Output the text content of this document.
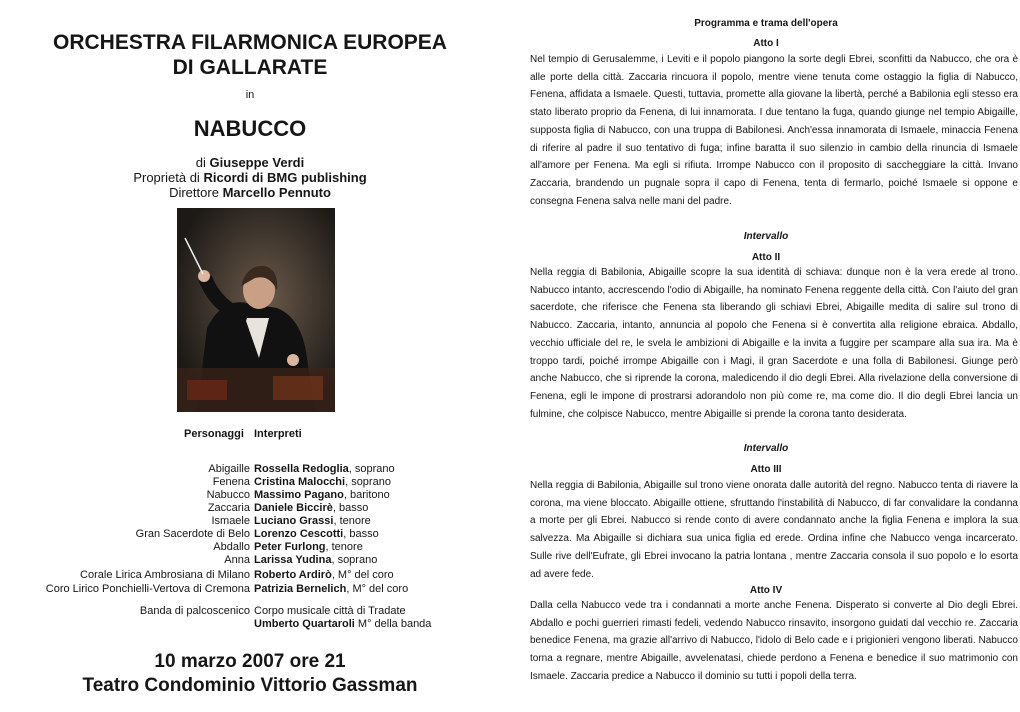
ORCHESTRA FILARMONICA EUROPEA
DI GALLARATE
in
NABUCCO
di Giuseppe Verdi
Proprietà di Ricordi di BMG publishing
Direttore Marcello Pennuto
Personaggi Interpreti
Abigaille Rossella Redoglia, soprano
Fenena Cristina Malocchi, soprano
Nabucco Massimo Pagano, baritono
Zaccaria Daniele Biccirè, basso
Ismaele Luciano Grassi, tenore
Gran Sacerdote di Belo Lorenzo Cescotti, basso
Abdallo Peter Furlong, tenore
Anna Larissa Yudina, soprano
Corale Lirica Ambrosiana di Milano Roberto Ardirò, M° del coro
Coro Lirico Ponchielli-Vertova di Cremona Patrizia Bernelich, M° del coro
Banda di palcoscenico Corpo musicale città di Tradate
Umberto Quartaroli M° della banda
10 marzo 2007 ore 21
Teatro Condominio Vittorio Gassman
Programma e trama dell'opera
Atto I

Nel tempio di Gerusalemme, i Leviti e il popolo piangono la sorte degli Ebrei, sconfitti da Nabucco, che ora è alle porte della città. Zaccaria rincuora il popolo, mentre viene tenuta come ostaggio la figlia di Nabucco, Fenena, affidata a Ismaele. Questi, tuttavia, promette alla giovane la libertà, perché a Babilonia egli stesso era stato liberato proprio da Fenena, di lui innamorata. I due tentano la fuga, quando giunge nel tempio Abigaille, supposta figlia di Nabucco, con una truppa di Babilonesi. Anch'essa innamorata di Ismaele, minaccia Fenena di riferire al padre il suo tentativo di fuga; infine baratta il suo silenzio in cambio della rinuncia di Ismaele all'amore per Fenena. Ma egli si rifiuta. Irrompe Nabucco con il proposito di saccheggiare la città. Invano Zaccaria, brandendo un pugnale sopra il capo di Fenena, tenta di fermarlo, poiché Ismaele si oppone e consegna Fenena salva nelle mani del padre.

Intervallo
Atto II

Nella reggia di Babilonia, Abigaille scopre la sua identità di schiava: dunque non è la vera erede al trono. Nabucco intanto, accrescendo l'odio di Abigaille, ha nominato Fenena reggente della città. Con l'aiuto del gran sacerdote, che riferisce che Fenena sta liberando gli schiavi Ebrei, Abigaille medita di salire sul trono di Nabucco. Zaccaria, intanto, annuncia al popolo che Fenena si è convertita alla religione ebraica. Abdallo, vecchio ufficiale del re, le svela le ambizioni di Abigaille e la invita a fuggire per scampare alla sua ira. Ma è troppo tardi, poiché irrompe Abigaille con i Magi, il gran Sacerdote e una folla di Babilonesi. Giunge però anche Nabucco, che si riprende la corona, maledicendo il dio degli Ebrei. Alla rivelazione della conversione di Fenena, egli le impone di prostrarsi adorandolo non più come re, ma come dio. Il dio degli Ebrei lancia un fulmine, che colpisce Nabucco, mentre Abigaille si prende la corona tanto desiderata.

Intervallo
Atto III

Nella reggia di Babilonia, Abigaille sul trono viene onorata dalle autorità del regno. Nabucco tenta di riavere la corona, ma viene bloccato. Abigaille ottiene, sfruttando l'instabilità di Nabucco, di far convalidare la condanna a morte per gli Ebrei. Nabucco si rende conto di avere condannato anche la figlia Fenena e implora la sua salvezza. Ma Abigaille si dichiara sua unica figlia ed erede. Ordina infine che Nabucco venga incarcerato. Sulle rive dell'Eufrate, gli Ebrei invocano la patria lontana , mentre Zaccaria consola il suo popolo e lo esorta ad avere fede.

Atto IV

Dalla cella Nabucco vede tra i condannati a morte anche Fenena. Disperato si converte al Dio degli Ebrei. Abdallo e pochi guerrieri rimasti fedeli, vedendo Nabucco rinsavito, insorgono guidati dal vecchio re. Zaccaria benedice Fenena, ma grazie all'arrivo di Nabucco, l'idolo di Belo cade e i prigionieri vengono liberati. Nabucco torna a regnare, mentre Abigaille, avvelenatasi, chiede perdono a Fenena e benedice il suo matrimonio con Ismaele. Zaccaria predice a Nabucco il dominio su tutti i popoli della terra.
